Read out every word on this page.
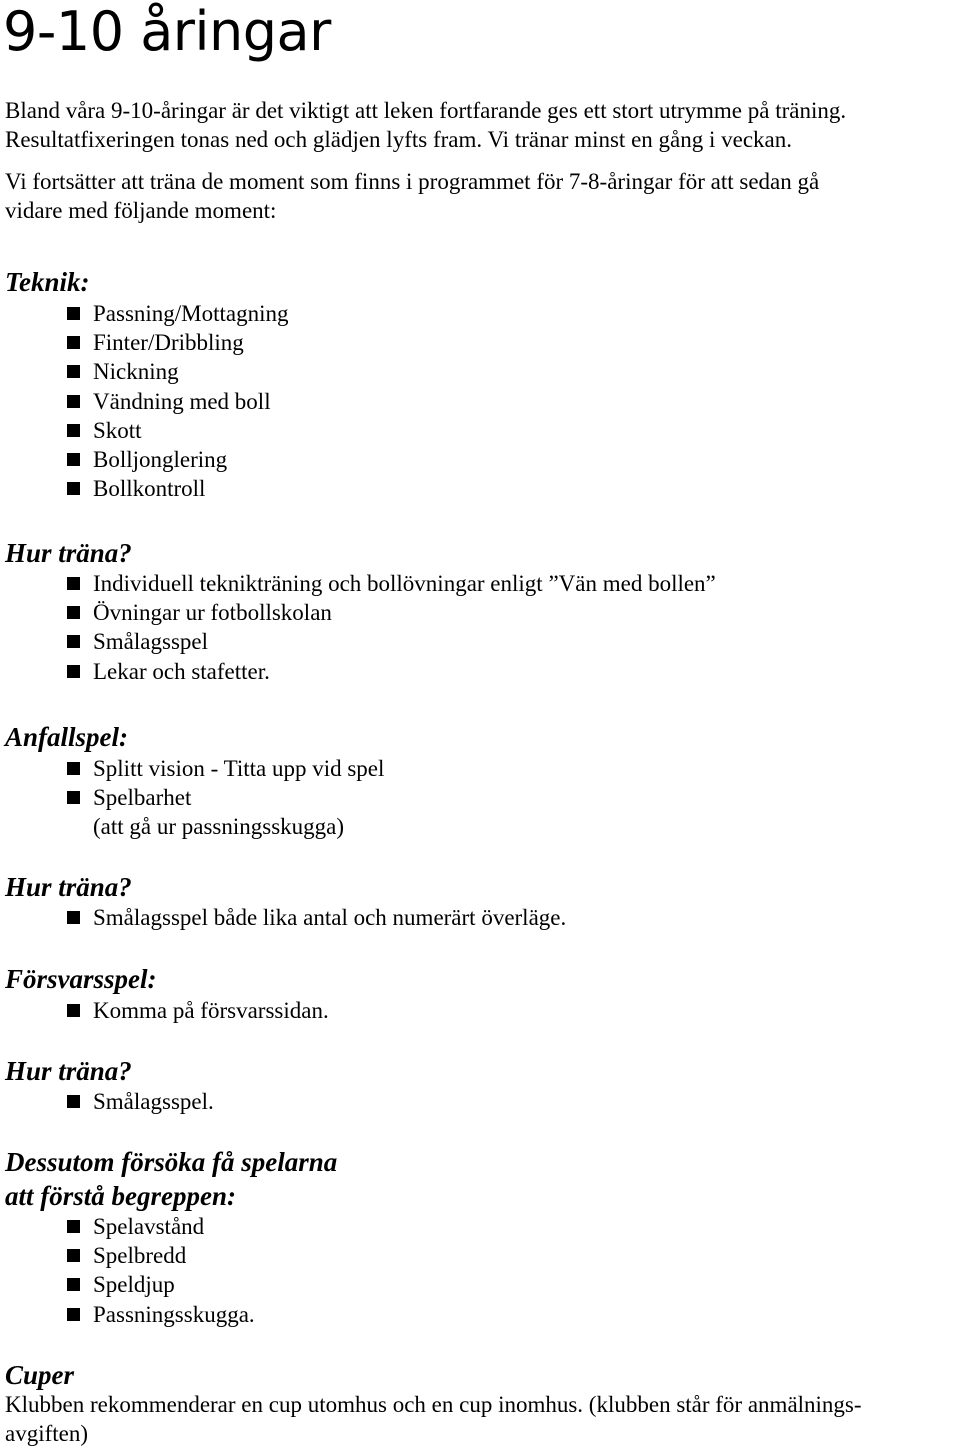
9-10 åringar

Bland våra 9-10-åringar är det viktigt att leken fortfarande ges ett stort utrymme på träning.

Resultatfixeringen tonas ned och glädjen lyfts fram. Vi tränar minst en gång i veckan.

Vi fortsätter att träna de moment som finns i programmet för 7-8-åringar för att sedan gå

vidare med följande moment:

Teknik:
Passning/Mottagning
Finter/Dribbling
Nickning
Vändning med boll
Skott
Bolljonglering
Bollkontroll
Hur träna?
Individuell teknikträning och bollövningar enligt ”Vän med bollen”
Övningar ur fotbollskolan
Smålagsspel
Lekar och stafetter.
Anfallspel:
Splitt vision - Titta upp vid spel
Spelbarhet

(att gå ur passningsskugga)

Hur träna?
Smålagsspel både lika antal och numerärt överläge.
Försvarsspel:
Komma på försvarssidan.
Hur träna?
Smålagsspel.
Dessutom försöka få spelarna
att förstå begreppen:
Spelavstånd
Spelbredd
Speldjup
Passningsskugga.
Cuper

Klubben rekommenderar en cup utomhus och en cup inomhus. (klubben står för anmälnings-

avgiften)
